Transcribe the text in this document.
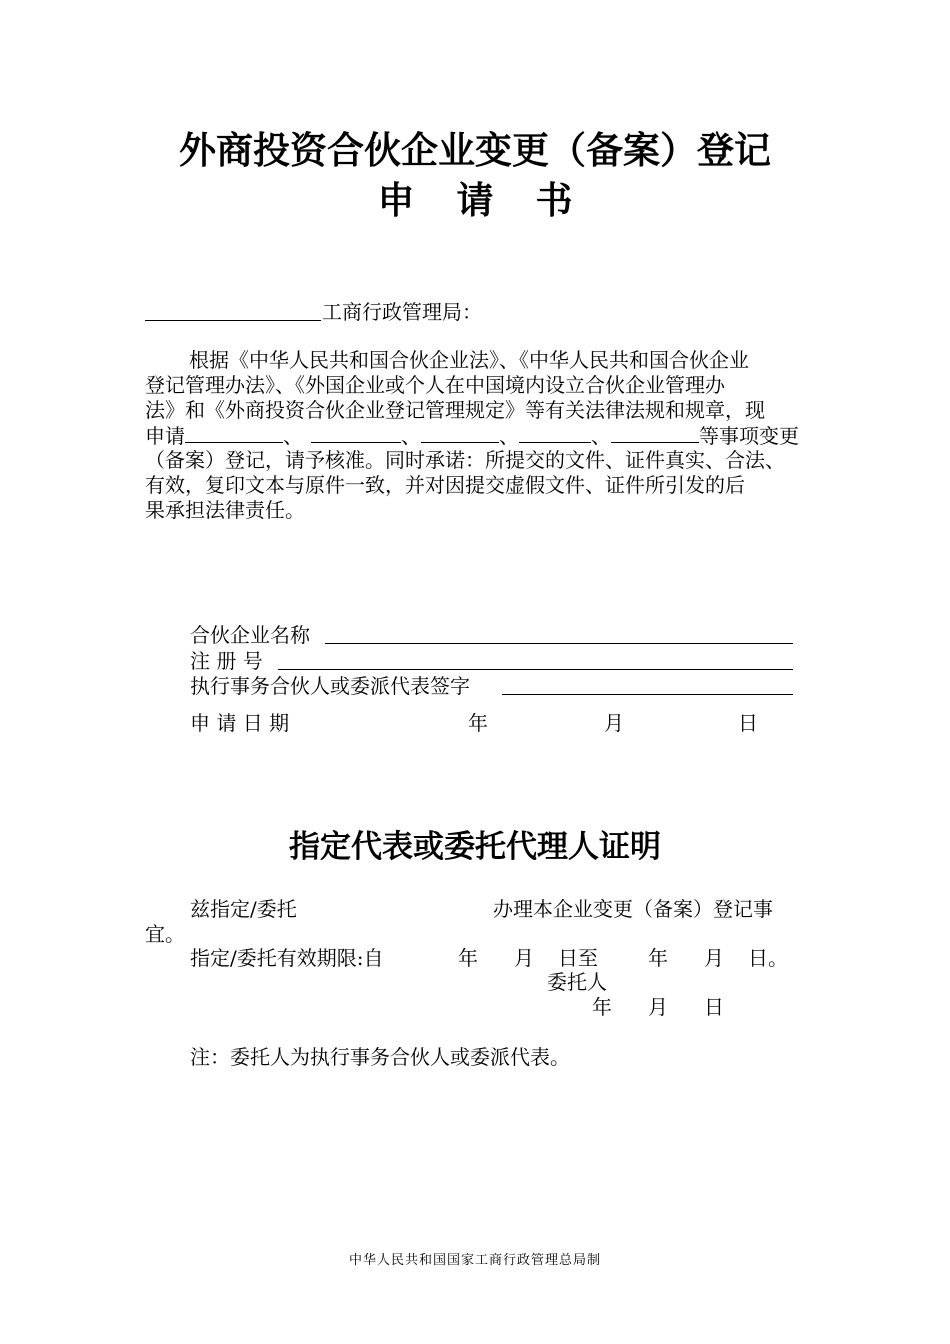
外商投资合伙企业变更（备案）登记
申请书
工商行政管理局：
根据《中华人民共和国合伙企业法》、《中华人民共和国合伙企业
登记管理办法》、《外国企业或个人在中国境内设立合伙企业管理办
法》和《外商投资合伙企业登记管理规定》等有关法律法规和规章，现
申请	、	、	、	、	等事项变更
（备案）登记，请予核准。同时承诺：所提交的文件、证件真实、合法、
有效，复印文本与原件一致，并对因提交虚假文件、证件所引发的后
果承担法律责任。
合伙企业名称
注 册 号
执行事务合伙人或委派代表签字
申 请 日 期	年	月	日
指定代表或委托代理人证明
兹指定/委托	办理本企业变更（备案）登记事
宜。
指定/委托有效期限:自	年 月 日至	年 月 日。
委托人
年 月 日
注：委托人为执行事务合伙人或委派代表。
中华人民共和国国家工商行政管理总局制
